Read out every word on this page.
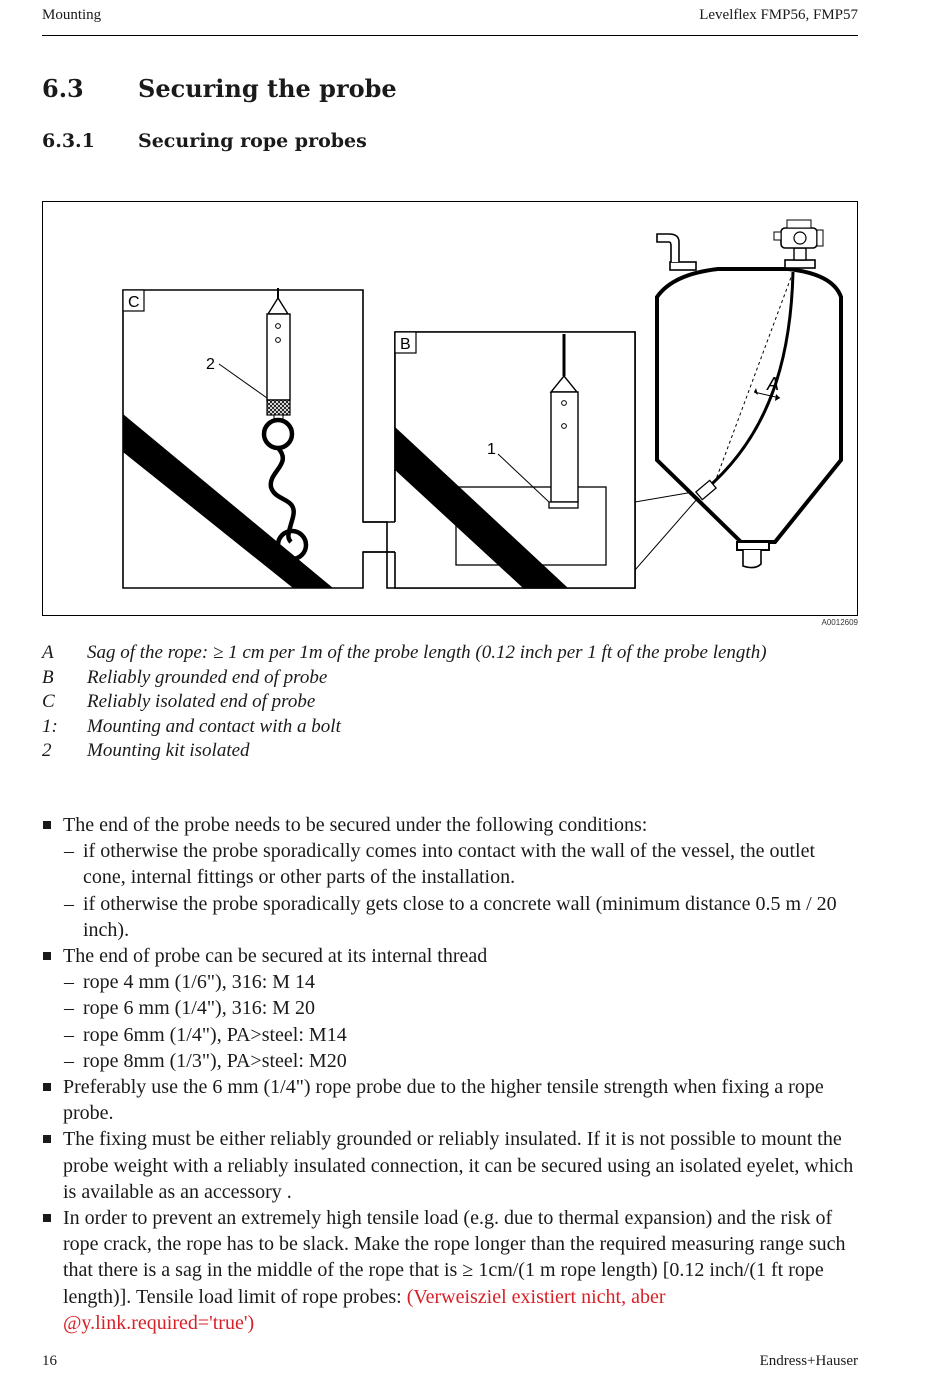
Mounting	Levelflex FMP56, FMP57
6.3 Securing the probe
6.3.1 Securing rope probes
C
2
B
1
A
A0012609
A Sag of the rope: ≥ 1 cm per 1m of the probe length (0.12 inch per 1 ft of the probe length)
B Reliably grounded end of probe
C Reliably isolated end of probe
1: Mounting and contact with a bolt
2 Mounting kit isolated
The end of the probe needs to be secured under the following conditions:
– if otherwise the probe sporadically comes into contact with the wall of the vessel, the outlet cone, internal fittings or other parts of the installation.
– if otherwise the probe sporadically gets close to a concrete wall (minimum distance 0.5 m / 20 inch).
The end of probe can be secured at its internal thread
– rope 4 mm (1/6"), 316: M 14
– rope 6 mm (1/4"), 316: M 20
– rope 6mm (1/4"), PA>steel: M14
– rope 8mm (1/3"), PA>steel: M20
Preferably use the 6 mm (1/4") rope probe due to the higher tensile strength when fixing a rope probe.
The fixing must be either reliably grounded or reliably insulated. If it is not possible to mount the probe weight with a reliably insulated connection, it can be secured using an isolated eyelet, which is available as an accessory .
In order to prevent an extremely high tensile load (e.g. due to thermal expansion) and the risk of rope crack, the rope has to be slack. Make the rope longer than the required measuring range such that there is a sag in the middle of the rope that is ≥ 1cm/(1 m rope length) [0.12 inch/(1 ft rope length)]. Tensile load limit of rope probes: (Verweisziel existiert nicht, aber @y.link.required='true')
16	Endress+Hauser
